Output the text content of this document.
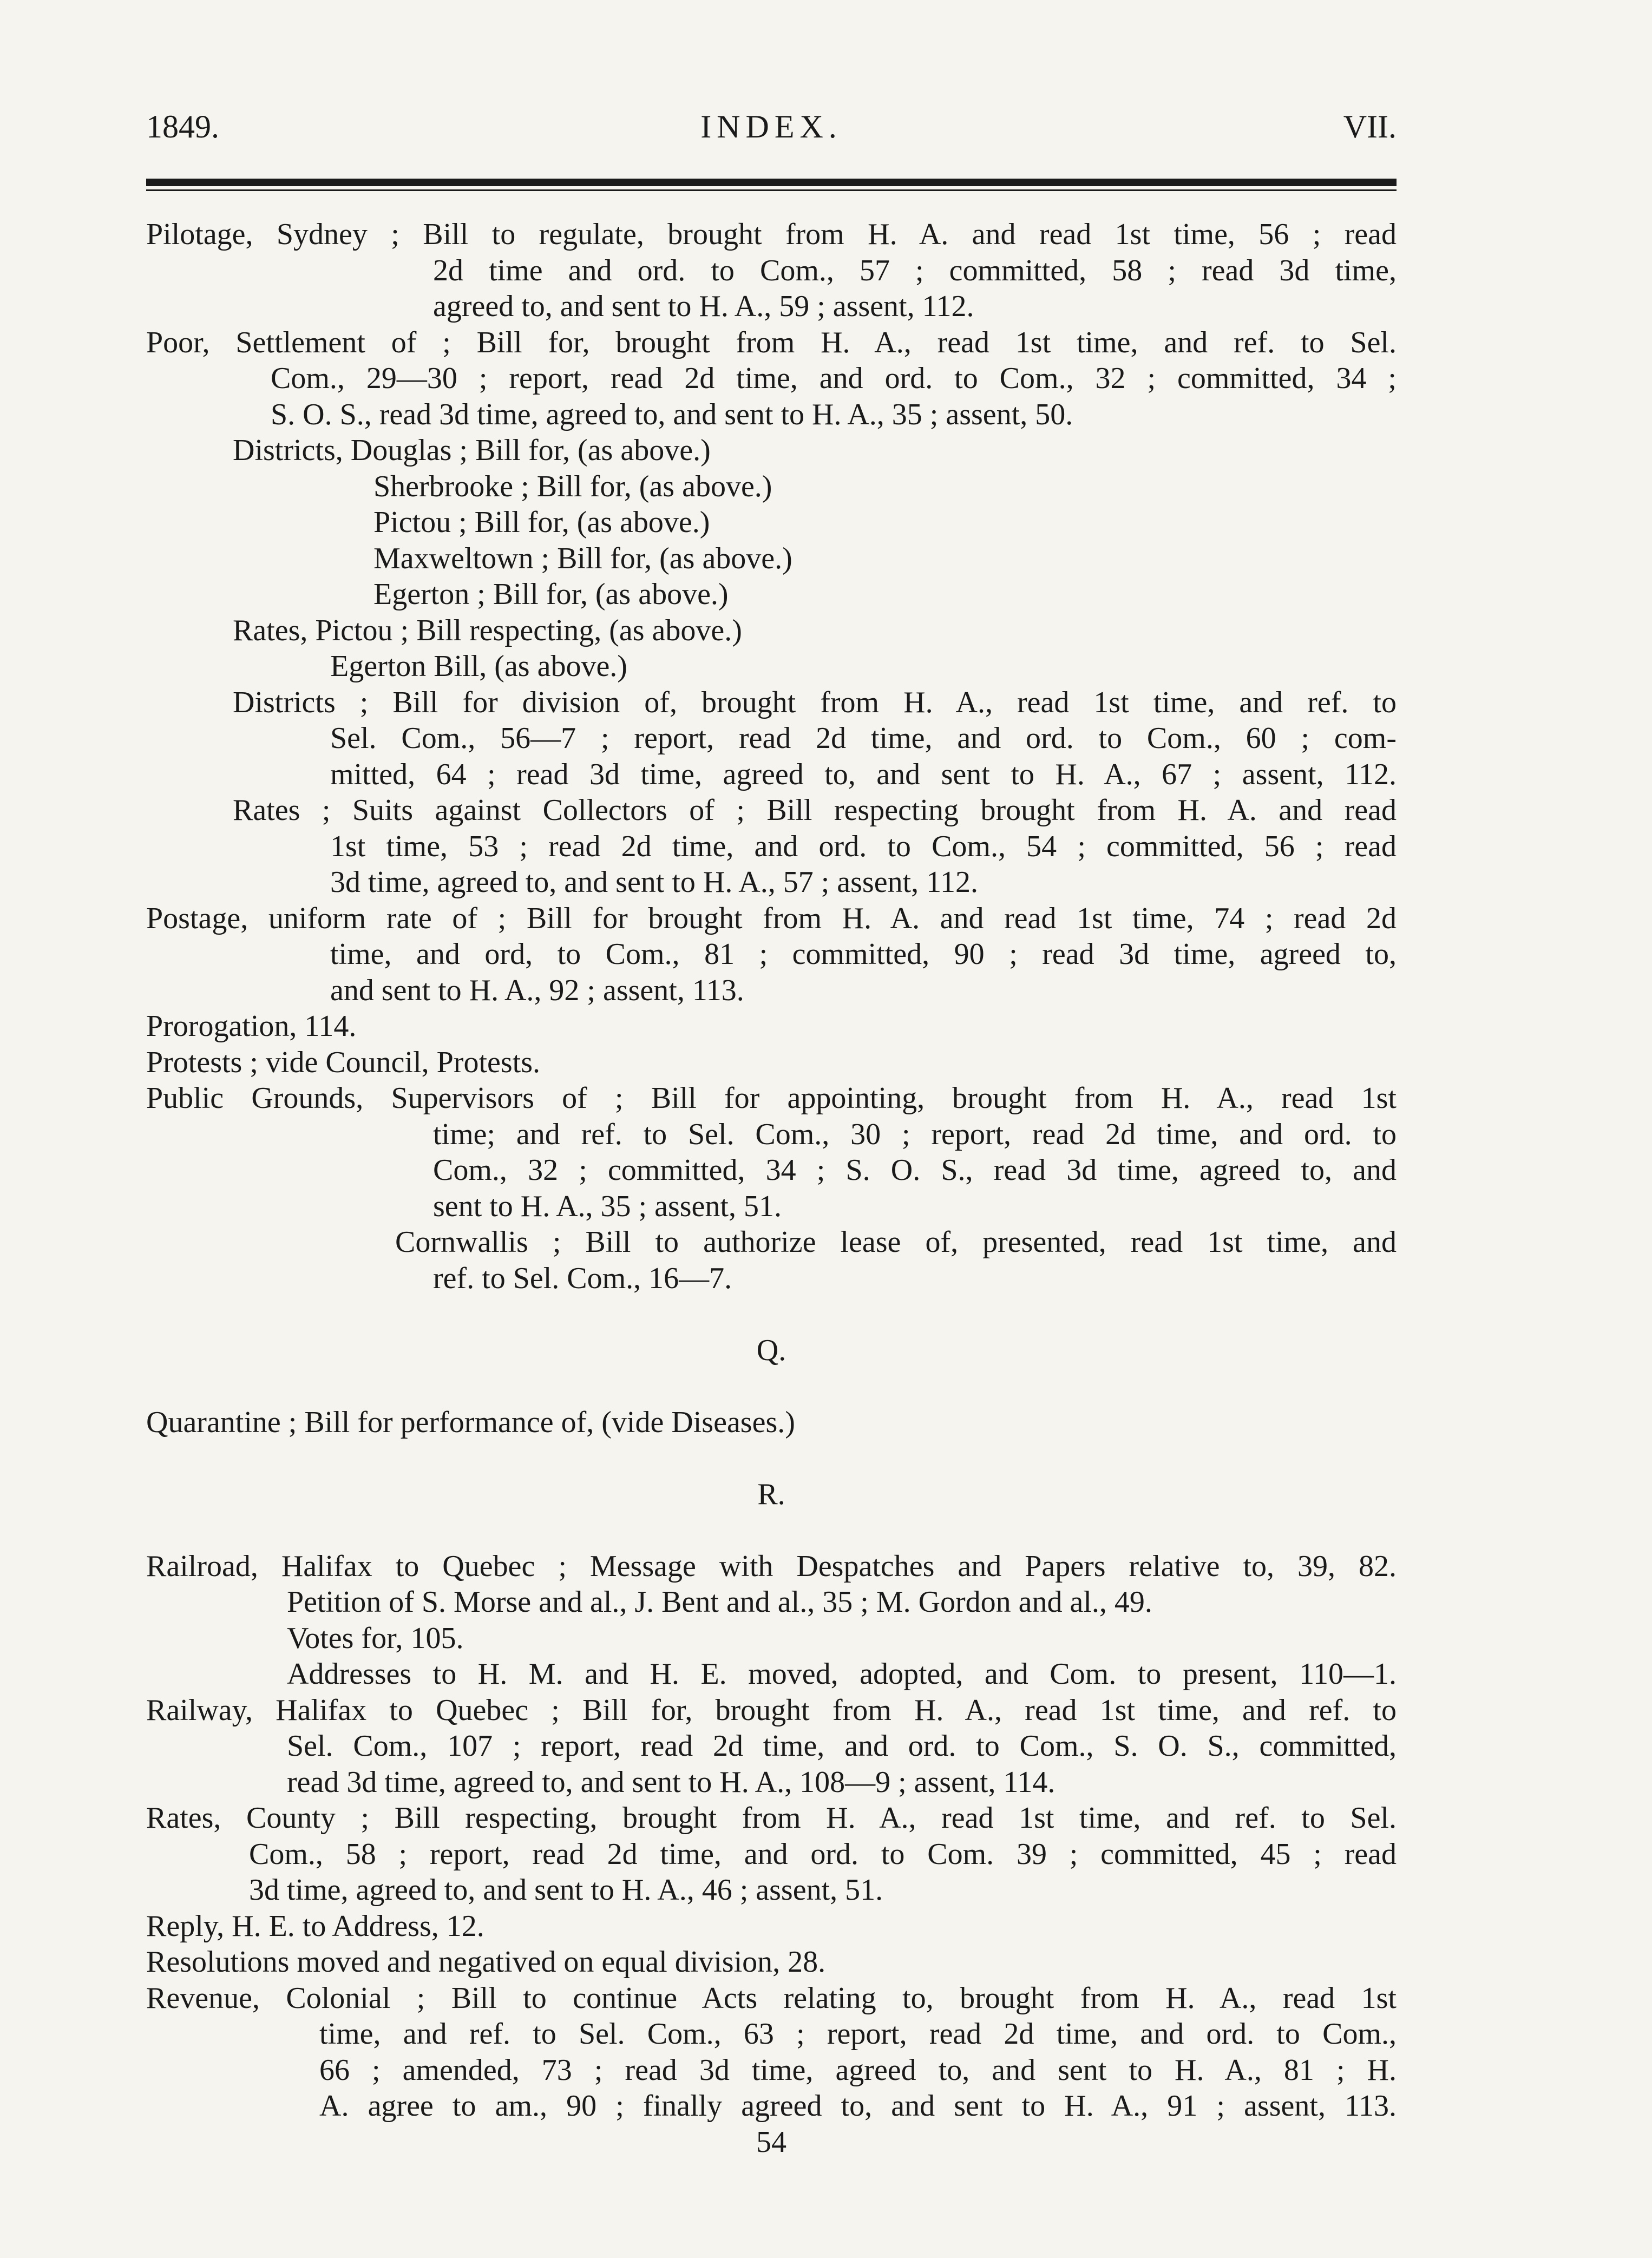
1849.	INDEX.	VII.
Pilotage, Sydney ; Bill to regulate, brought from H. A. and read 1st time, 56 ; read
2d time and ord. to Com., 57 ; committed, 58 ; read 3d time,
agreed to, and sent to H. A., 59 ; assent, 112.
Poor, Settlement of ; Bill for, brought from H. A., read 1st time, and ref. to Sel.
Com., 29—30 ; report, read 2d time, and ord. to Com., 32 ; committed, 34 ;
S. O. S., read 3d time, agreed to, and sent to H. A., 35 ; assent, 50.
Districts, Douglas ; Bill for, (as above.)
Sherbrooke ; Bill for, (as above.)
Pictou ; Bill for, (as above.)
Maxweltown ; Bill for, (as above.)
Egerton ; Bill for, (as above.)
Rates, Pictou ; Bill respecting, (as above.)
Egerton Bill, (as above.)
Districts ; Bill for division of, brought from H. A., read 1st time, and ref. to
Sel. Com., 56—7 ; report, read 2d time, and ord. to Com., 60 ; com-
mitted, 64 ; read 3d time, agreed to, and sent to H. A., 67 ; assent, 112.
Rates ; Suits against Collectors of ; Bill respecting brought from H. A. and read
1st time, 53 ; read 2d time, and ord. to Com., 54 ; committed, 56 ; read
3d time, agreed to, and sent to H. A., 57 ; assent, 112.
Postage, uniform rate of ; Bill for brought from H. A. and read 1st time, 74 ; read 2d
time, and ord, to Com., 81 ; committed, 90 ; read 3d time, agreed to,
and sent to H. A., 92 ; assent, 113.
Prorogation, 114.
Protests ; vide Council, Protests.
Public Grounds, Supervisors of ; Bill for appointing, brought from H. A., read 1st
time; and ref. to Sel. Com., 30 ; report, read 2d time, and ord. to
Com., 32 ; committed, 34 ; S. O. S., read 3d time, agreed to, and
sent to H. A., 35 ; assent, 51.
Cornwallis ; Bill to authorize lease of, presented, read 1st time, and
ref. to Sel. Com., 16—7.
Q.
Quarantine ; Bill for performance of, (vide Diseases.)
R.
Railroad, Halifax to Quebec ; Message with Despatches and Papers relative to, 39, 82.
Petition of S. Morse and al., J. Bent and al., 35 ; M. Gordon and al., 49.
Votes for, 105.
Addresses to H. M. and H. E. moved, adopted, and Com. to present, 110—1.
Railway, Halifax to Quebec ; Bill for, brought from H. A., read 1st time, and ref. to
Sel. Com., 107 ; report, read 2d time, and ord. to Com., S. O. S., committed,
read 3d time, agreed to, and sent to H. A., 108—9 ; assent, 114.
Rates, County ; Bill respecting, brought from H. A., read 1st time, and ref. to Sel.
Com., 58 ; report, read 2d time, and ord. to Com. 39 ; committed, 45 ; read
3d time, agreed to, and sent to H. A., 46 ; assent, 51.
Reply, H. E. to Address, 12.
Resolutions moved and negatived on equal division, 28.
Revenue, Colonial ; Bill to continue Acts relating to, brought from H. A., read 1st
time, and ref. to Sel. Com., 63 ; report, read 2d time, and ord. to Com.,
66 ; amended, 73 ; read 3d time, agreed to, and sent to H. A., 81 ; H.
A. agree to am., 90 ; finally agreed to, and sent to H. A., 91 ; assent, 113.
54
